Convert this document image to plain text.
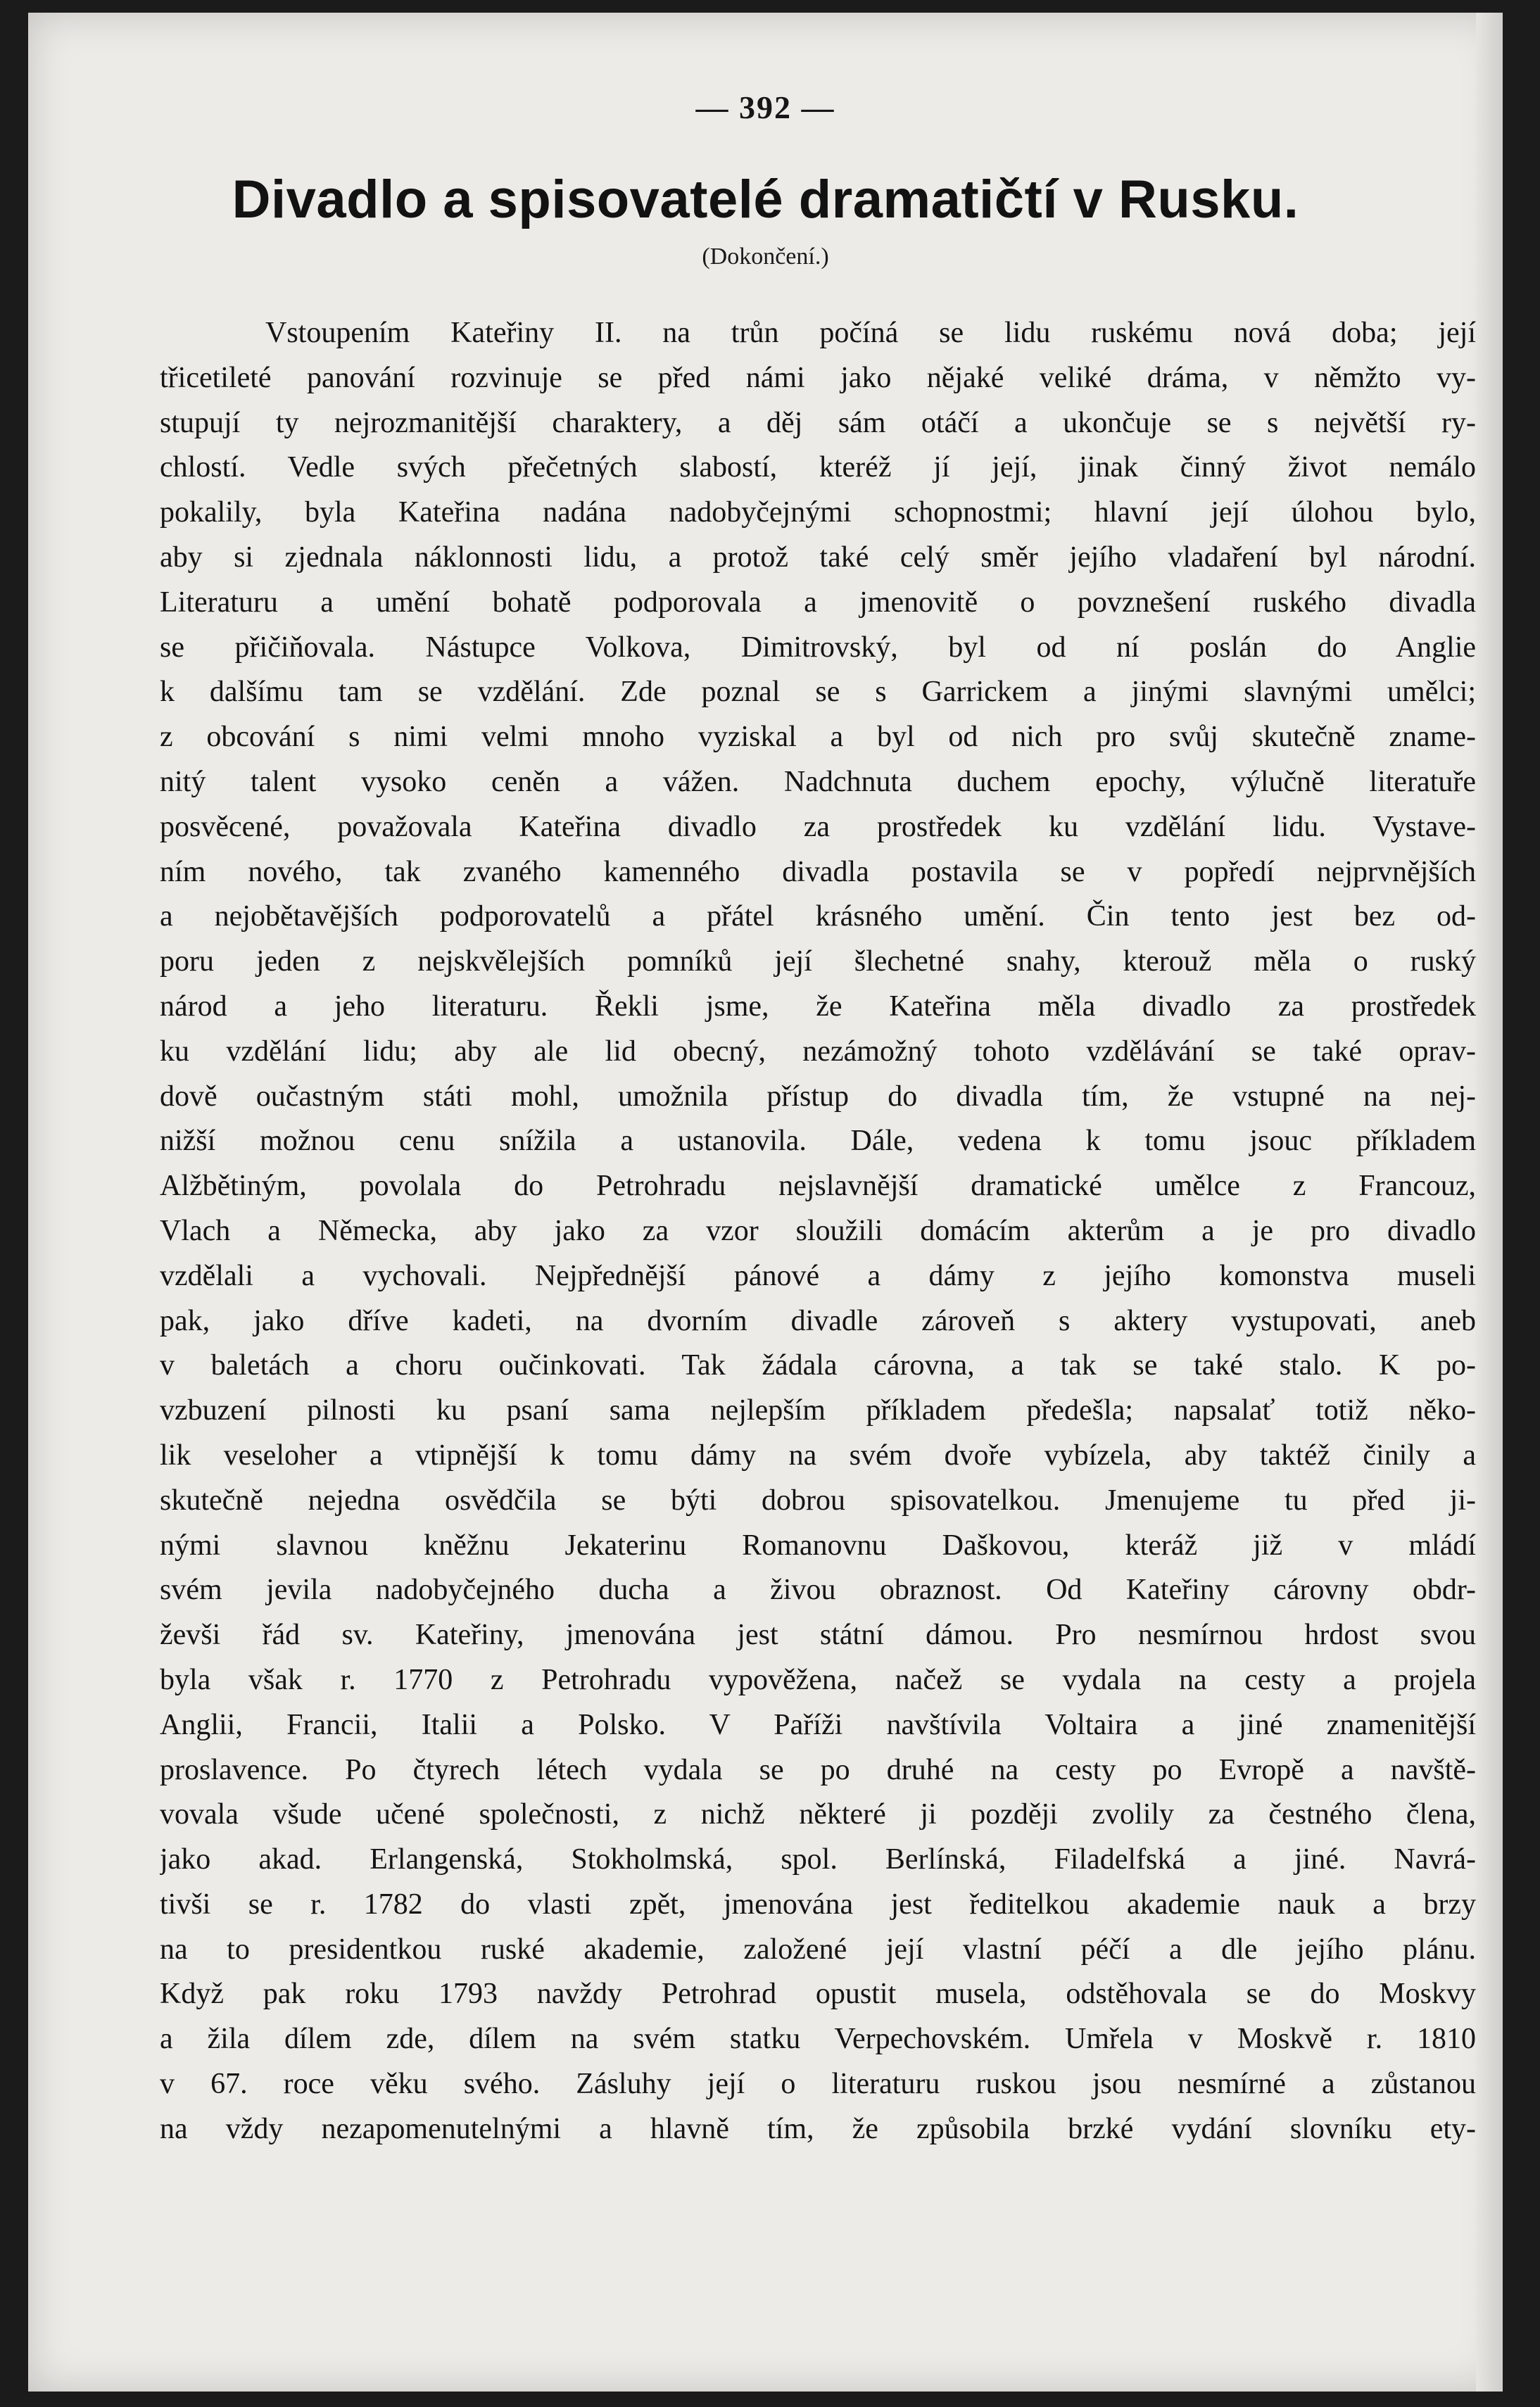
— 392 —
Divadlo a spisovatelé dramatičtí v Rusku.
(Dokončení.)
Vstoupením Kateřiny II. na trůn počíná se lidu ruskému nová doba; její
třicetileté panování rozvinuje se před námi jako nějaké veliké dráma, v němžto vy-
stupují ty nejrozmanitější charaktery, a děj sám otáčí a ukončuje se s největší ry-
chlostí. Vedle svých přečetných slabostí, kteréž jí její, jinak činný život nemálo
pokalily, byla Kateřina nadána nadobyčejnými schopnostmi; hlavní její úlohou bylo,
aby si zjednala náklonnosti lidu, a protož také celý směr jejího vladaření byl národní.
Literaturu a umění bohatě podporovala a jmenovitě o povznešení ruského divadla
se přičiňovala. Nástupce Volkova, Dimitrovský, byl od ní poslán do Anglie
k dalšímu tam se vzdělání. Zde poznal se s Garrickem a jinými slavnými umělci;
z obcování s nimi velmi mnoho vyziskal a byl od nich pro svůj skutečně zname-
nitý talent vysoko ceněn a vážen. Nadchnuta duchem epochy, výlučně literatuře
posvěcené, považovala Kateřina divadlo za prostředek ku vzdělání lidu. Vystave-
ním nového, tak zvaného kamenného divadla postavila se v popředí nejprvnějších
a nejobětavějších podporovatelů a přátel krásného umění. Čin tento jest bez od-
poru jeden z nejskvělejších pomníků její šlechetné snahy, kterouž měla o ruský
národ a jeho literaturu. Řekli jsme, že Kateřina měla divadlo za prostředek
ku vzdělání lidu; aby ale lid obecný, nezámožný tohoto vzdělávání se také oprav-
dově oučastným státi mohl, umožnila přístup do divadla tím, že vstupné na nej-
nižší možnou cenu snížila a ustanovila. Dále, vedena k tomu jsouc příkladem
Alžbětiným, povolala do Petrohradu nejslavnější dramatické umělce z Francouz,
Vlach a Německa, aby jako za vzor sloužili domácím akterům a je pro divadlo
vzdělali a vychovali. Nejpřednější pánové a dámy z jejího komonstva museli
pak, jako dříve kadeti, na dvorním divadle zároveň s aktery vystupovati, aneb
v baletách a choru oučinkovati. Tak žádala cárovna, a tak se také stalo. K po-
vzbuzení pilnosti ku psaní sama nejlepším příkladem předešla; napsalať totiž něko-
lik veseloher a vtipnější k tomu dámy na svém dvoře vybízela, aby taktéž činily a
skutečně nejedna osvědčila se býti dobrou spisovatelkou. Jmenujeme tu před ji-
nými slavnou kněžnu Jekaterinu Romanovnu Daškovou, kteráž již v mládí
svém jevila nadobyčejného ducha a živou obraznost. Od Kateřiny cárovny obdr-
ževši řád sv. Kateřiny, jmenována jest státní dámou. Pro nesmírnou hrdost svou
byla však r. 1770 z Petrohradu vypověžena, načež se vydala na cesty a projela
Anglii, Francii, Italii a Polsko. V Paříži navštívila Voltaira a jiné znamenitější
proslavence. Po čtyrech létech vydala se po druhé na cesty po Evropě a navště-
vovala všude učené společnosti, z nichž některé ji později zvolily za čestného člena,
jako akad. Erlangenská, Stokholmská, spol. Berlínská, Filadelfská a jiné. Navrá-
tivši se r. 1782 do vlasti zpět, jmenována jest ředitelkou akademie nauk a brzy
na to presidentkou ruské akademie, založené její vlastní péčí a dle jejího plánu.
Když pak roku 1793 navždy Petrohrad opustit musela, odstěhovala se do Moskvy
a žila dílem zde, dílem na svém statku Verpechovském. Umřela v Moskvě r. 1810
v 67. roce věku svého. Zásluhy její o literaturu ruskou jsou nesmírné a zůstanou
na vždy nezapomenutelnými a hlavně tím, že způsobila brzké vydání slovníku ety-
